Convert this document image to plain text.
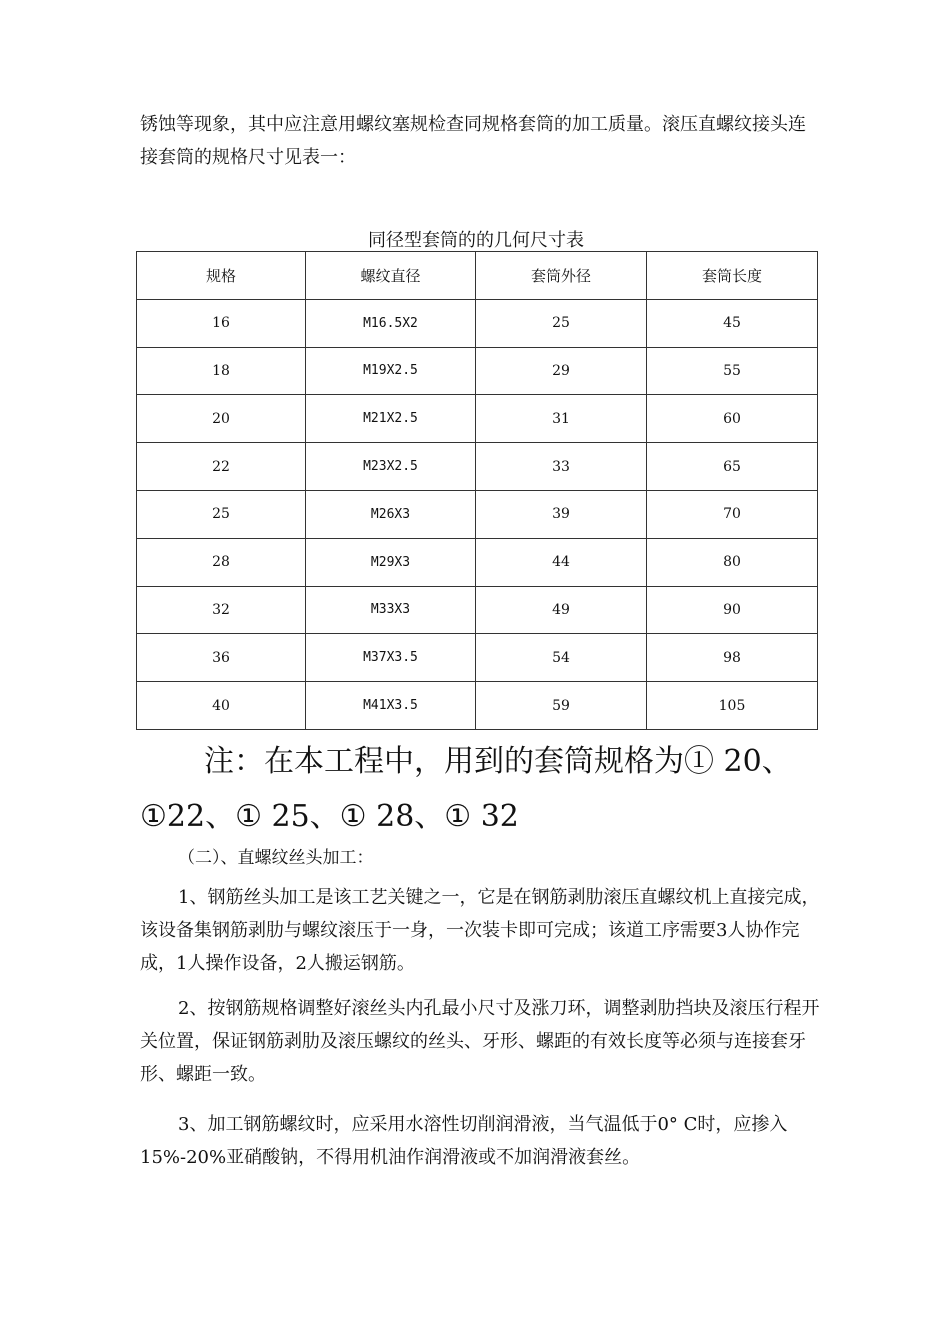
锈蚀等现象，其中应注意用螺纹塞规检查同规格套筒的加工质量。滚压直螺纹接头连接套筒的规格尺寸见表一：

同径型套筒的的几何尺寸表
规格	螺纹直径	套筒外径	套筒长度
16	M16.5X2	25	45
18	M19X2.5	29	55
20	M21X2.5	31	60
22	M23X2.5	33	65
25	M26X3	39	70
28	M29X3	44	80
32	M33X3	49	90
36	M37X3.5	54	98
40	M41X3.5	59	105
注：在本工程中，用到的套筒规格为① 20、
①22、① 25、① 28、① 32
（二）、直螺纹丝头加工：

1、钢筋丝头加工是该工艺关键之一，它是在钢筋剥肋滚压直螺纹机上直接完成，该设备集钢筋剥肋与螺纹滚压于一身，一次装卡即可完成；该道工序需要3人协作完成，1人操作设备，2人搬运钢筋。

2、按钢筋规格调整好滚丝头内孔最小尺寸及涨刀环，调整剥肋挡块及滚压行程开关位置，保证钢筋剥肋及滚压螺纹的丝头、牙形、螺距的有效长度等必须与连接套牙形、螺距一致。

3、加工钢筋螺纹时，应采用水溶性切削润滑液，当气温低于0° C时，应掺入15%-20%亚硝酸钠，不得用机油作润滑液或不加润滑液套丝。
